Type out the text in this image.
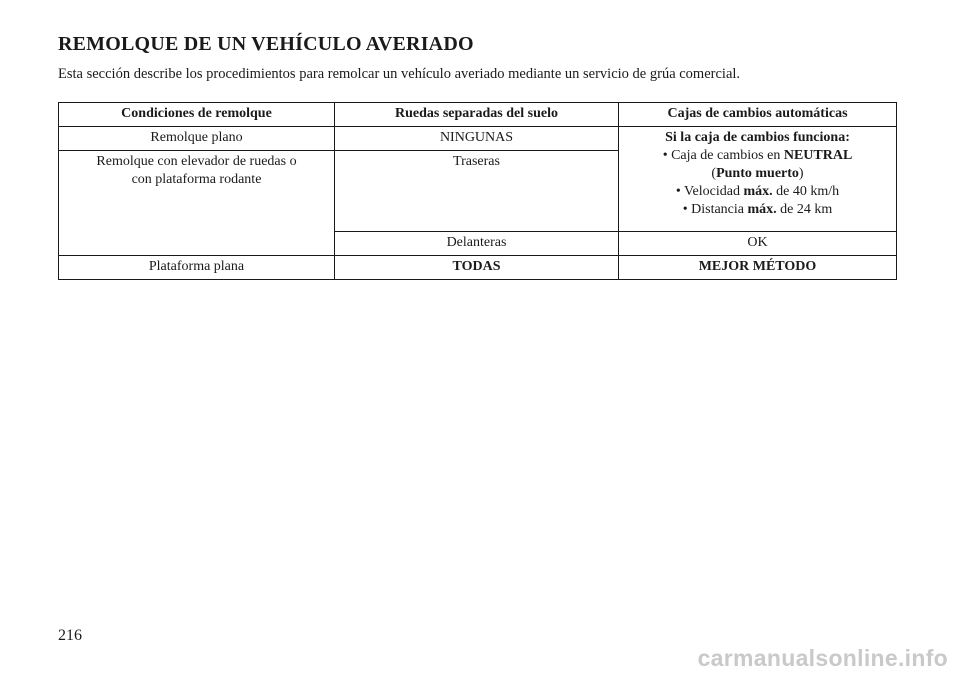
REMOLQUE DE UN VEHÍCULO AVERIADO

Esta sección describe los procedimientos para remolcar un vehículo averiado mediante un servicio de grúa comercial.

Condiciones de remolque	Ruedas separadas del suelo	Cajas de cambios automáticas
Remolque plano	NINGUNAS	Si la caja de cambios funciona:
• Caja de cambios en NEUTRAL
(Punto muerto)
• Velocidad máx. de 40 km/h
• Distancia máx. de 24 km

Remolque con elevador de ruedas o
con plataforma rodante	Traseras	
	Delanteras	OK
Plataforma plana	TODAS	MEJOR MÉTODO

216

carmanualsonline.info
